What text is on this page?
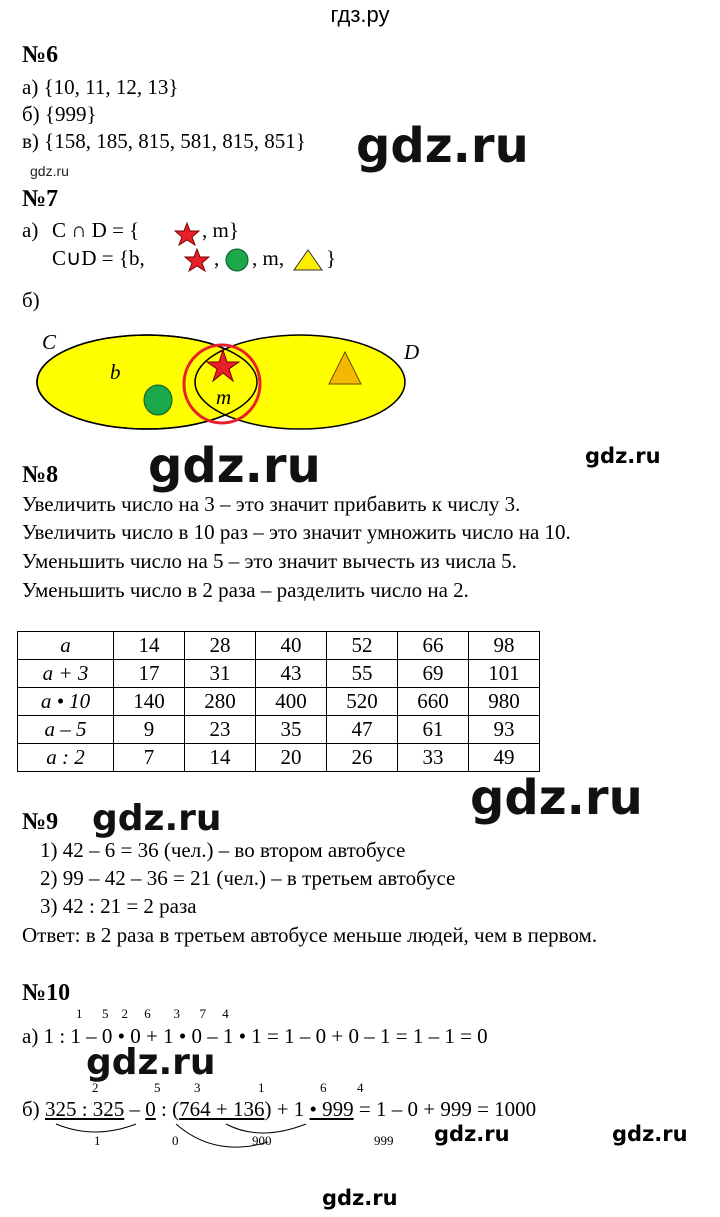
гдз.ру
№6
а) {10, 11, 12, 13}
б) {999}
в) {158, 185, 815, 581, 815, 851} gdz.ru
gdz.ru
№7
а) C ∩ D = {	, m}
C∪D = {b,	, , m, }
б)
C	D
b
m
gdz.ru	gdz.ru
№8
Увеличить число на 3 – это значит прибавить к числу 3.
Увеличить число в 10 раз – это значит умножить число на 10.
Уменьшить число на 5 – это значит вычесть из числа 5.
Уменьшить число в 2 раза – разделить число на 2.
a	14	28	40	52	66	98
a + 3	17	31	43	55	69	101
a • 10	140	280	400	520	660	980
a – 5	9	23	35	47	61	93
a : 2	7	14	20	26	33	49
gdz.ru
№9 gdz.ru
1) 42 – 6 = 36 (чел.) – во втором автобусе
2) 99 – 42 – 36 = 21 (чел.) – в третьем автобусе
3) 42 : 21 = 2 раза
Ответ: в 2 раза в третьем автобусе меньше людей, чем в первом.
№10
1      5    2     6       3      7     4
а) 1 : 1 – 0 • 0 + 1 • 0 – 1 • 1 = 1 – 0 + 0 – 1 = 1 – 1 = 0
gdz.ru
2	5	3	1	6 4
б) 325 : 325 – 0 : (764 + 136) + 1 • 999 = 1 – 0 + 999 = 1000
1	0	900	999 gdz.ru	gdz.ru
gdz.ru
